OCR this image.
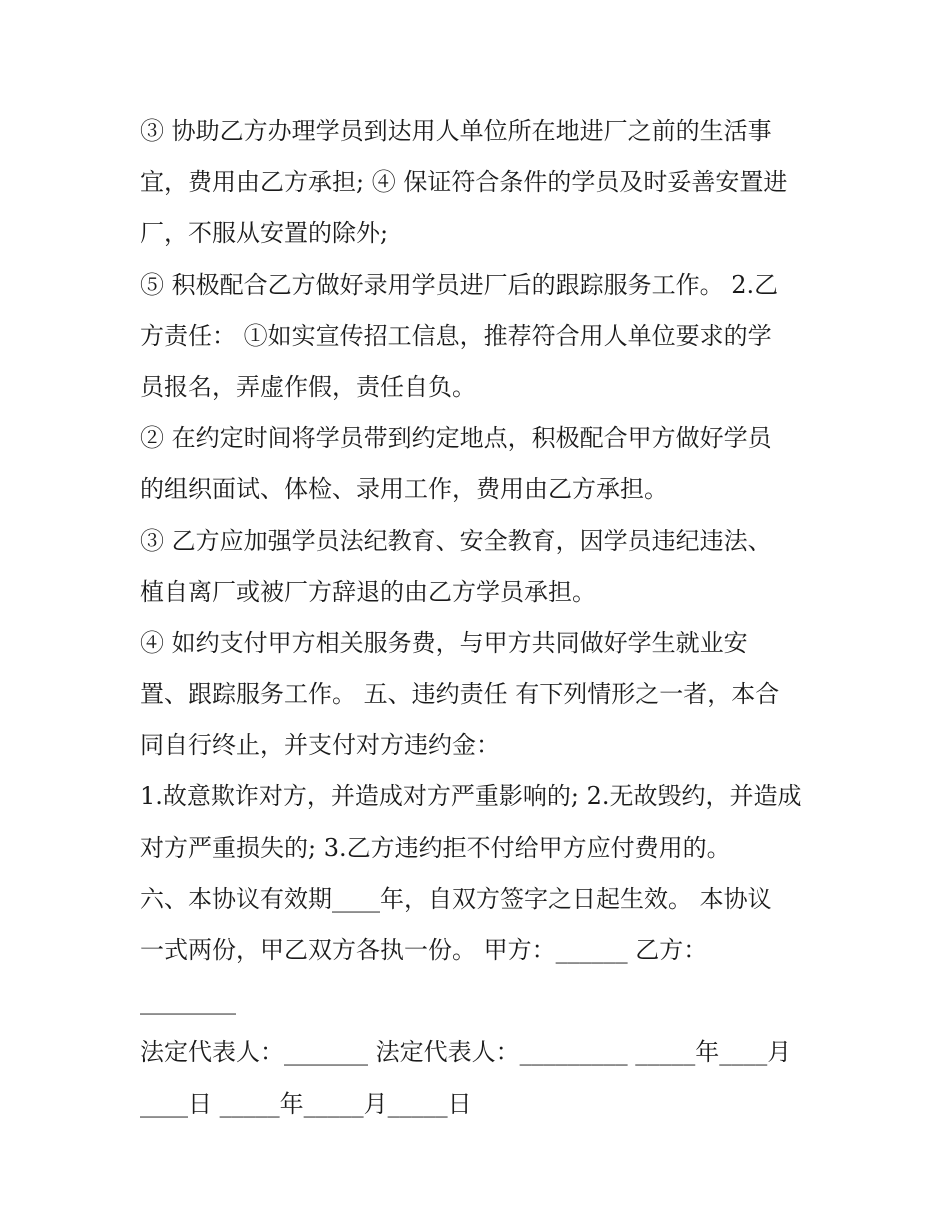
③ 协助乙方办理学员到达用人单位所在地进厂之前的生活事
宜，费用由乙方承担; ④ 保证符合条件的学员及时妥善安置进
厂，不服从安置的除外;
⑤ 积极配合乙方做好录用学员进厂后的跟踪服务工作。 2.乙
方责任： ①如实宣传招工信息，推荐符合用人单位要求的学
员报名，弄虚作假，责任自负。
② 在约定时间将学员带到约定地点，积极配合甲方做好学员
的组织面试、体检、录用工作，费用由乙方承担。
③ 乙方应加强学员法纪教育、安全教育，因学员违纪违法、
植自离厂或被厂方辞退的由乙方学员承担。
④ 如约支付甲方相关服务费，与甲方共同做好学生就业安
置、跟踪服务工作。 五、违约责任 有下列情形之一者，本合
同自行终止，并支付对方违约金：
1.故意欺诈对方，并造成对方严重影响的; 2.无故毁约，并造成
对方严重损失的; 3.乙方违约拒不付给甲方应付费用的。
六、本协议有效期____年，自双方签字之日起生效。 本协议
一式两份，甲乙双方各执一份。 甲方：______ 乙方：
________
法定代表人：_______ 法定代表人：_________ _____年____月
____日 _____年_____月_____日
